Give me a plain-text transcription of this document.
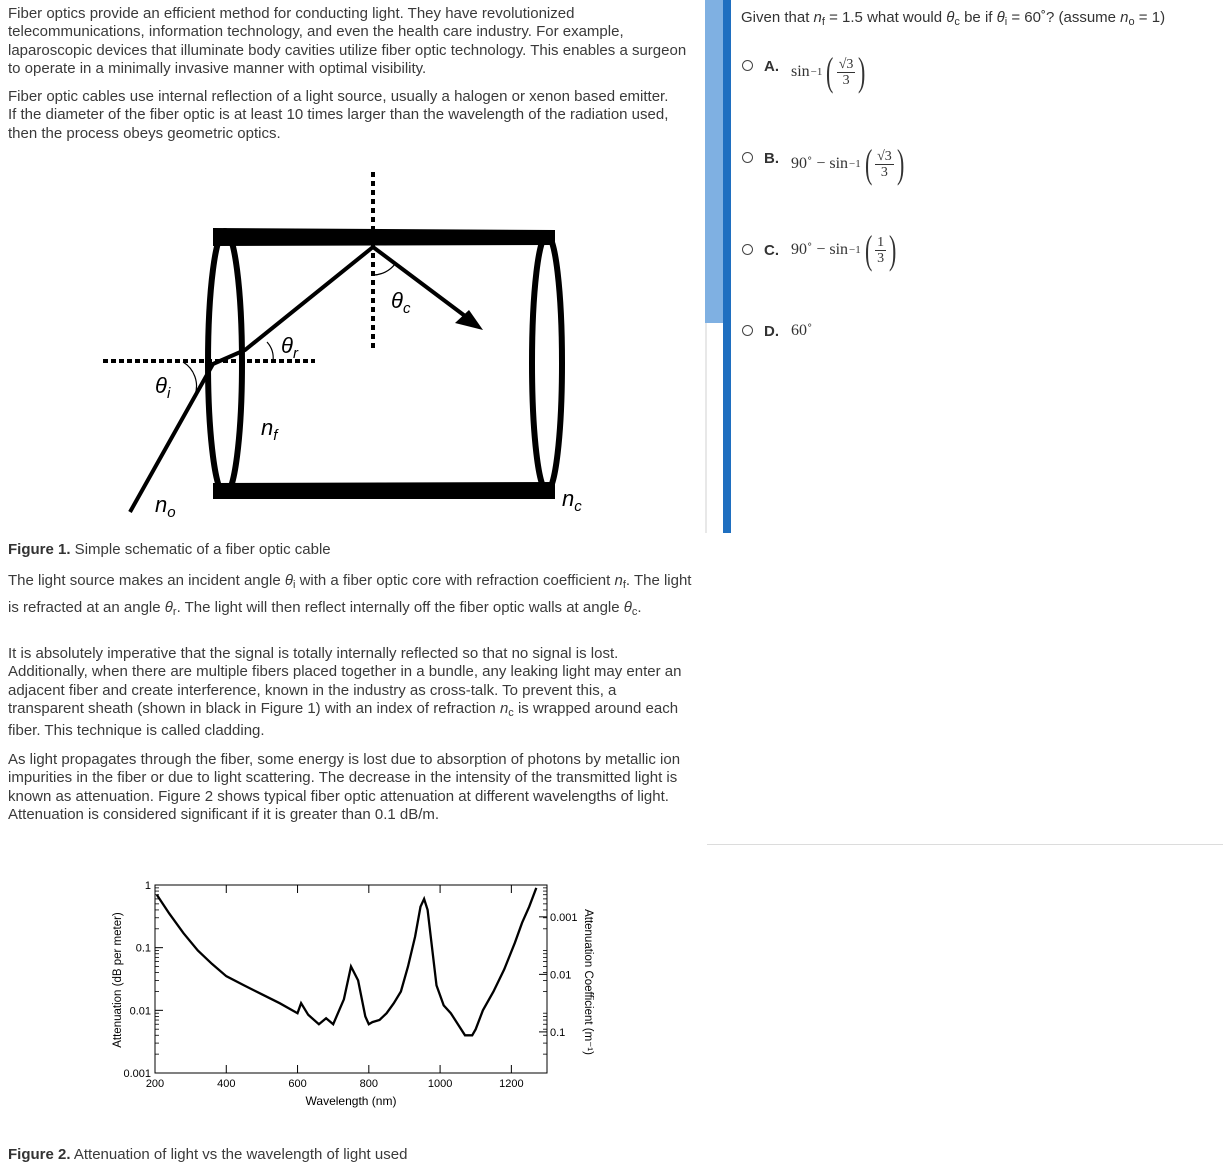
Fiber optics provide an efficient method for conducting light. They have revolutionized telecommunications, information technology, and even the health care industry. For example, laparoscopic devices that illuminate body cavities utilize fiber optic technology. This enables a surgeon to operate in a minimally invasive manner with optimal visibility.

Fiber optic cables use internal reflection of a light source, usually a halogen or xenon based emitter. If the diameter of the fiber optic is at least 10 times larger than the wavelength of the radiation used, then the process obeys geometric optics.

$\theta_c$
$\theta_r$
$\theta_i$
$n_f$
$n_o$
$n_c$
Figure 1. Simple schematic of a fiber optic cable

The light source makes an incident angle $\theta_i$ with a fiber optic core with refraction coefficient $n_f$. The light is refracted at an angle $\theta_r$. The light will then reflect internally off the fiber optic walls at angle $\theta_c$.

It is absolutely imperative that the signal is totally internally reflected so that no signal is lost. Additionally, when there are multiple fibers placed together in a bundle, any leaking light may enter an adjacent fiber and create interference, known in the industry as cross-talk. To prevent this, a transparent sheath (shown in black in Figure 1) with an index of refraction $n_c$ is wrapped around each fiber. This technique is called cladding.

As light propagates through the fiber, some energy is lost due to absorption of photons by metallic ion impurities in the fiber or due to light scattering. The decrease in the intensity of the transmitted light is known as attenuation. Figure 2 shows typical fiber optic attenuation at different wavelengths of light. Attenuation is considered significant if it is greater than 0.1 dB/m.

200	400	600	800	1000	1200
1
0.1
0.01
0.001
0.1
0.01
0.001
Wavelength (nm)
Attenuation (dB per meter)	Attenuation Coefficient (m⁻¹)
Figure 2. Attenuation of light vs the wavelength of light used
Given that $n_f = 1.5$ what would $\theta_c$ be if $\theta_i$ = 60˚? (assume $n_o = 1$)
A. sin −1 ( $\frac{√3}{3}$ )
B. 90˚ − sin −1 ( $\frac{√3}{3}$ )
C. 90˚ − sin −1 ( $\frac{1}{3}$ )
D. 60˚
